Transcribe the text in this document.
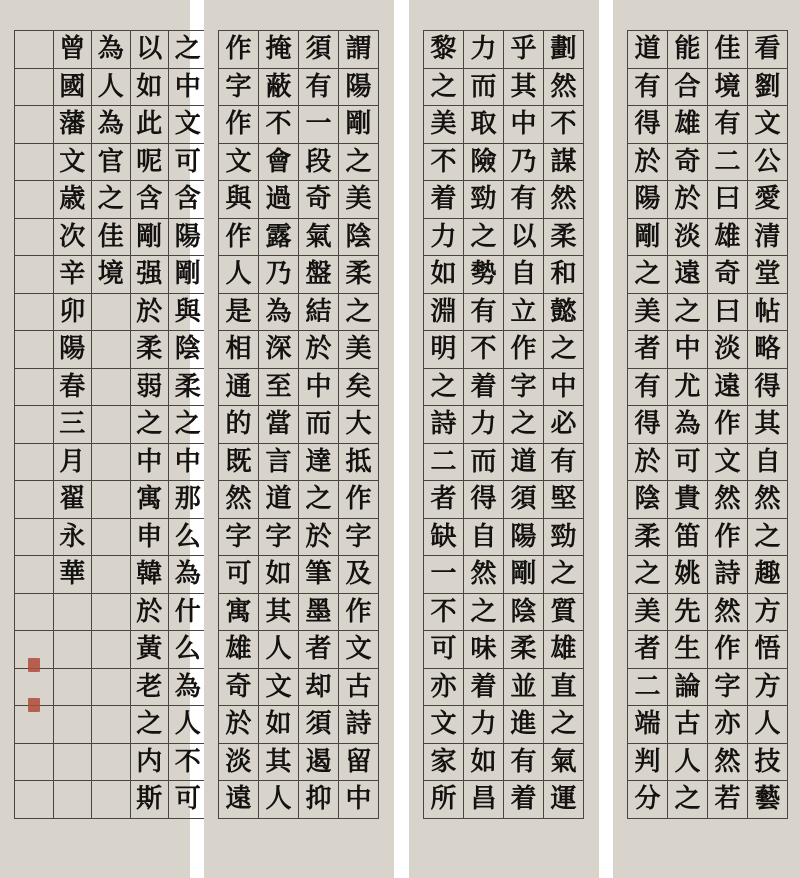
曾
國
藩
文
歳
次
辛
卯
陽
春
三
月
翟
永
華
為
人
為
官
之
佳
境
以
如
此
呢
含
剛
强
於
柔
弱
之
中
寓
申
韓
於
黃
老
之
内
斯
之
中
文
可
含
陽
剛
與
陰
柔
之
中
那
么
為
什
么
為
人
不
可
作
字
作
文
與
作
人
是
相
通
的
既
然
字
可
寓
雄
奇
於
淡
遠
掩
蔽
不
會
過
露
乃
為
深
至
當
言
道
字
如
其
人
文
如
其
人
須
有
一
段
奇
氣
盤
結
於
中
而
達
之
於
筆
墨
者
却
須
遏
抑
謂
陽
剛
之
美
陰
柔
之
美
矣
大
抵
作
字
及
作
文
古
詩
留
中
黎
之
美
不
着
力
如
淵
明
之
詩
二
者
缺
一
不
可
亦
文
家
所
力
而
取
險
勁
之
勢
有
不
着
力
而
得
自
然
之
味
着
力
如
昌
乎
其
中
乃
有
以
自
立
作
字
之
道
須
陽
剛
陰
柔
並
進
有
着
劃
然
不
謀
然
柔
和
懿
之
中
必
有
堅
勁
之
質
雄
直
之
氣
運
道
有
得
於
陽
剛
之
美
者
有
得
於
陰
柔
之
美
者
二
端
判
分
能
合
雄
奇
於
淡
遠
之
中
尤
為
可
貴
笛
姚
先
生
論
古
人
之
佳
境
有
二
曰
雄
奇
曰
淡
遠
作
文
然
作
詩
然
作
字
亦
然
若
看
劉
文
公
愛
清
堂
帖
略
得
其
自
然
之
趣
方
悟
方
人
技
藝
